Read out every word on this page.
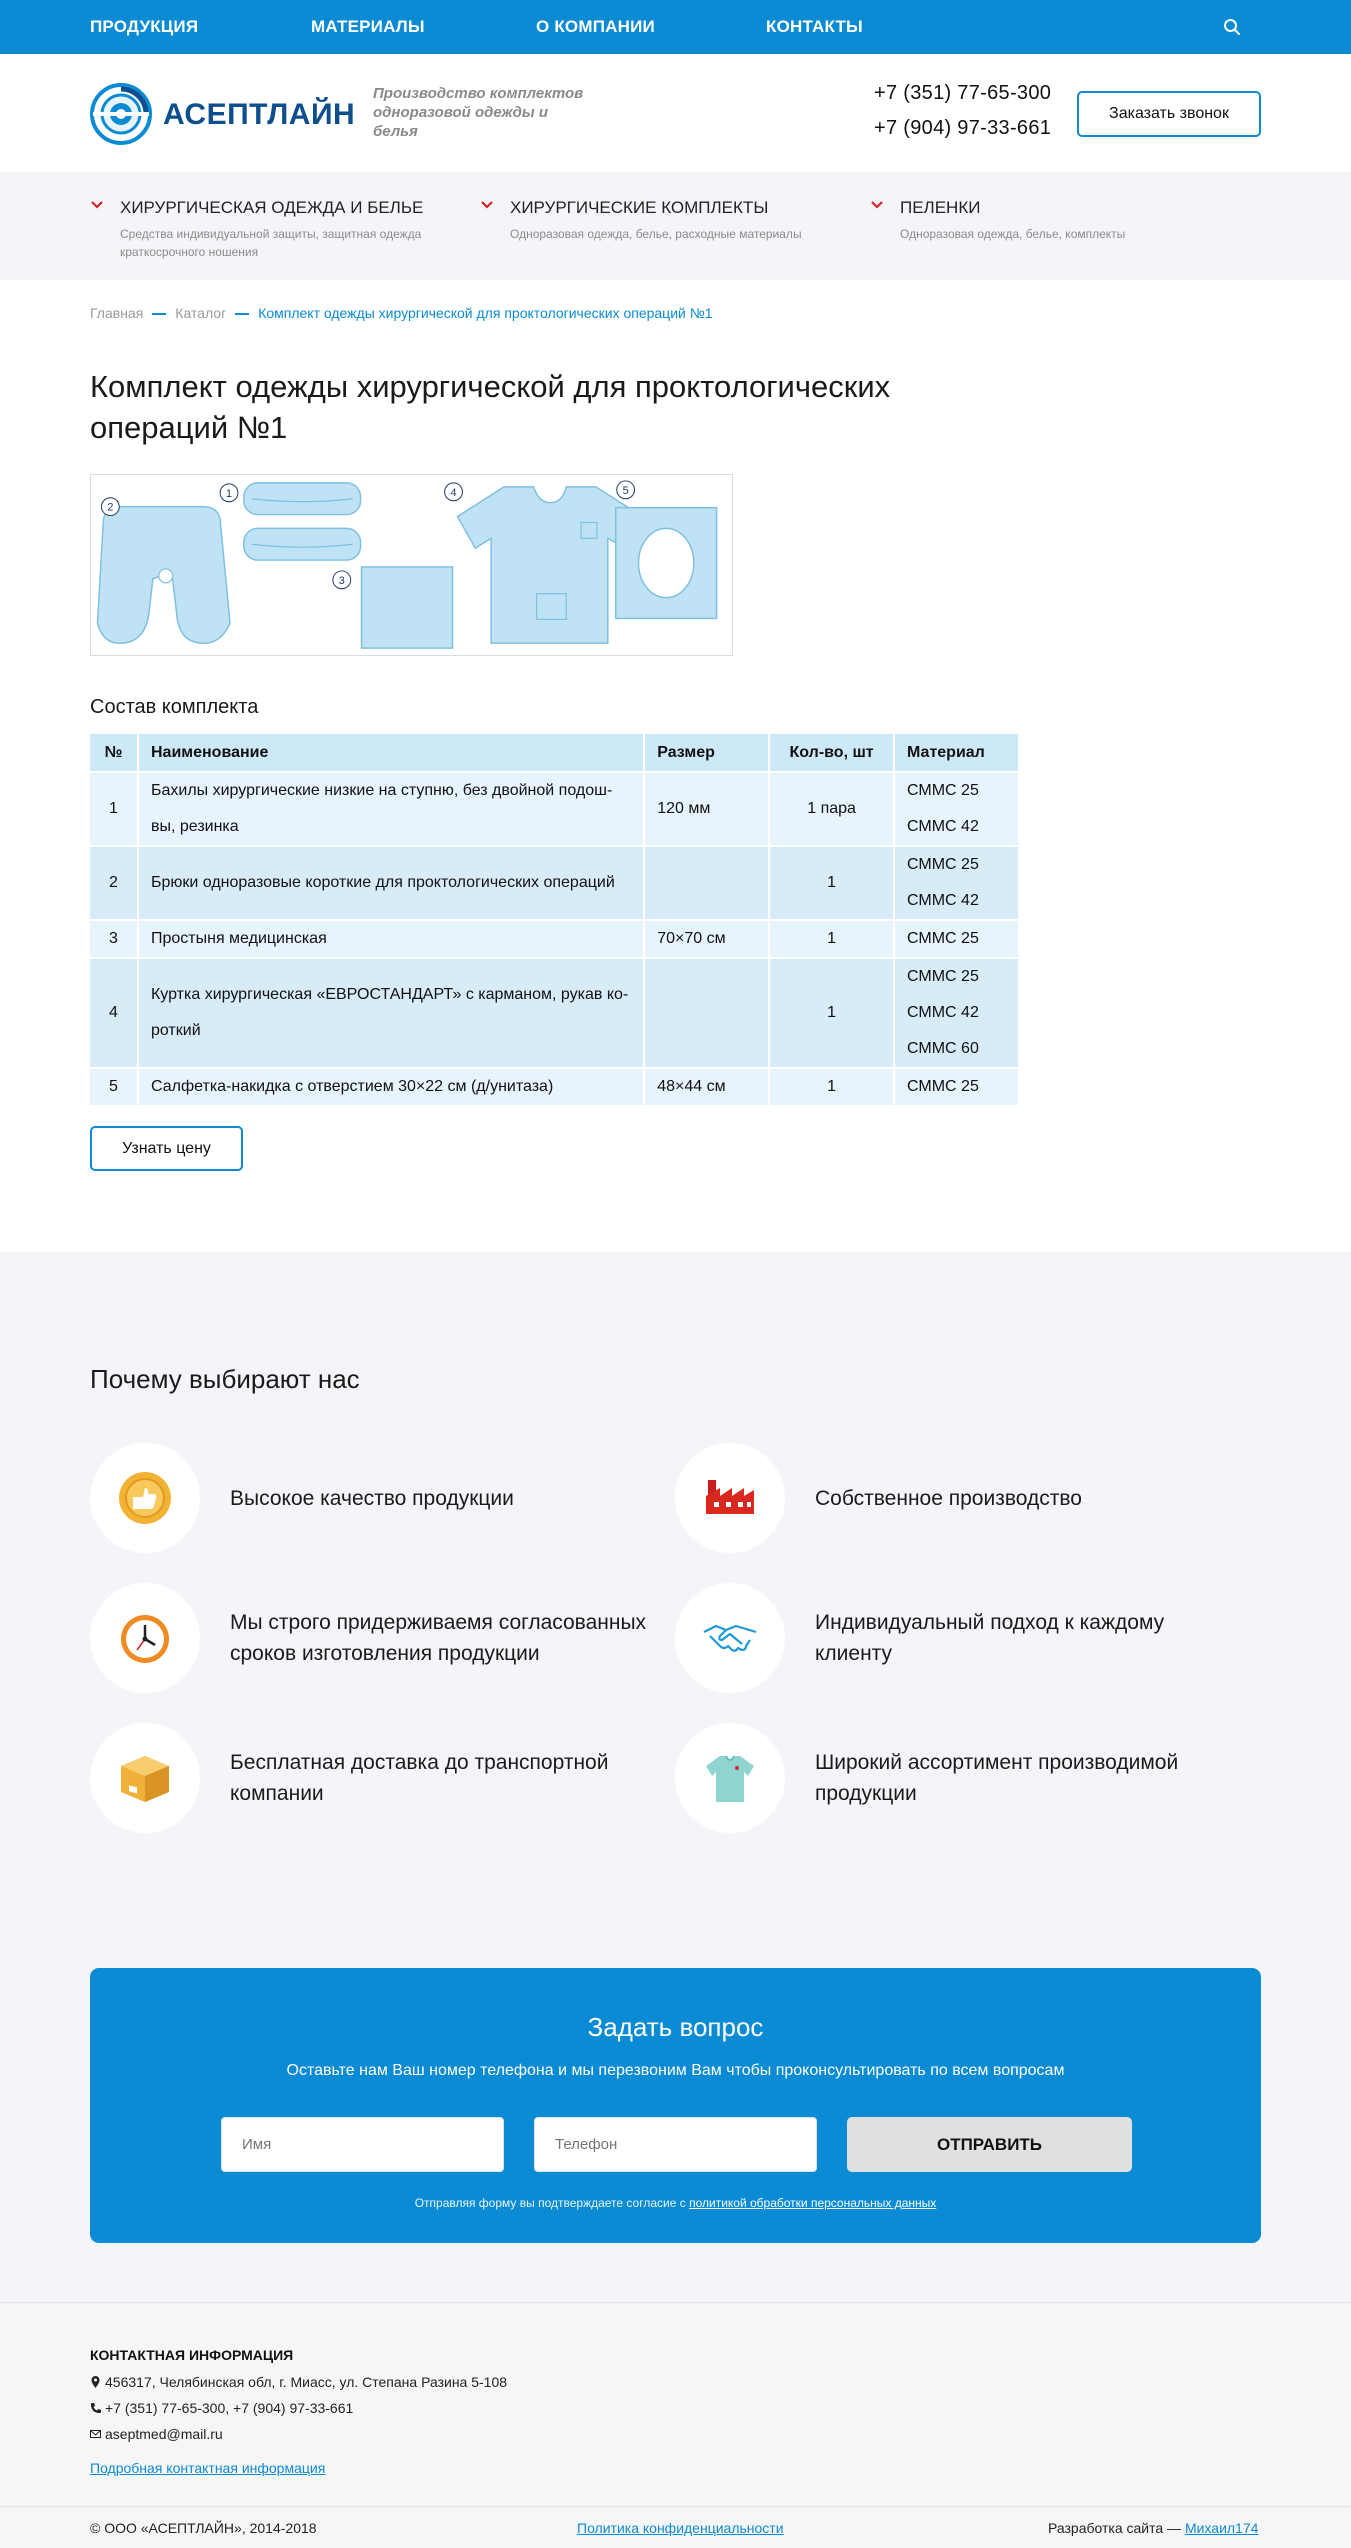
ПРОДУКЦИЯ	МАТЕРИАЛЫ	О КОМПАНИИ	КОНТАКТЫ
АСЕПТЛАЙН
Производство комплектов одноразовой одежды и белья
+7 (351) 77-65-300
+7 (904) 97-33-661
Заказать звонок
ХИРУРГИЧЕСКАЯ ОДЕЖДА И БЕЛЬЕ
Средства индивидуальной защиты, защитная одежда краткосрочного ношения
ХИРУРГИЧЕСКИЕ КОМПЛЕКТЫ
Одноразовая одежда, белье, расходные материалы
ПЕЛЕНКИ
Одноразовая одежда, белье, комплекты
Главная Каталог Комплект одежды хирургической для проктологических операций №1
Комплект одежды хирургической для проктологических операций №1
1
2
3
4	5
Состав комплекта
№	Наименование	Размер	Кол-во, шт	Материал
1	Бахилы хирургические низкие на ступню, без двойной подош-вы, резинка	120 мм	1 пара	СММС 25
СММС 42

2	Брюки одноразовые короткие для проктологических операций		1	СММС 25
СММС 42

3	Простыня медицинская	70×70 см	1	СММС 25

4	Куртка хирургическая «ЕВРОСТАНДАРТ» с карманом, рукав ко-роткий		1	СММС 25
СММС 42
СММС 60

5	Салфетка-накидка с отверстием 30×22 см (д/унитаза)	48×44 см	1	СММС 25
Узнать цену
Почему выбирают нас
Высокое качество продукции	Собственное производство
Мы строго придерживаемя согласованных сроков изготовления продукции
Индивидуальный подход к каждому клиенту
Бесплатная доставка до транспортной компании
Широкий ассортимент производимой продукции
Задать вопрос
Оставьте нам Ваш номер телефона и мы перезвоним Вам чтобы проконсультировать по всем вопросам
Имя
Телефон
ОТПРАВИТЬ
Отправляя форму вы подтверждаете согласие с политикой обработки персональных данных
КОНТАКТНАЯ ИНФОРМАЦИЯ
456317, Челябинская обл, г. Миасс, ул. Степана Разина 5-108
+7 (351) 77-65-300, +7 (904) 97-33-661
aseptmed@mail.ru
Подробная контактная информация
© ООО «АСЕПТЛАЙН», 2014-2018	Политика конфиденциальности	Разработка сайта — Михаил174
